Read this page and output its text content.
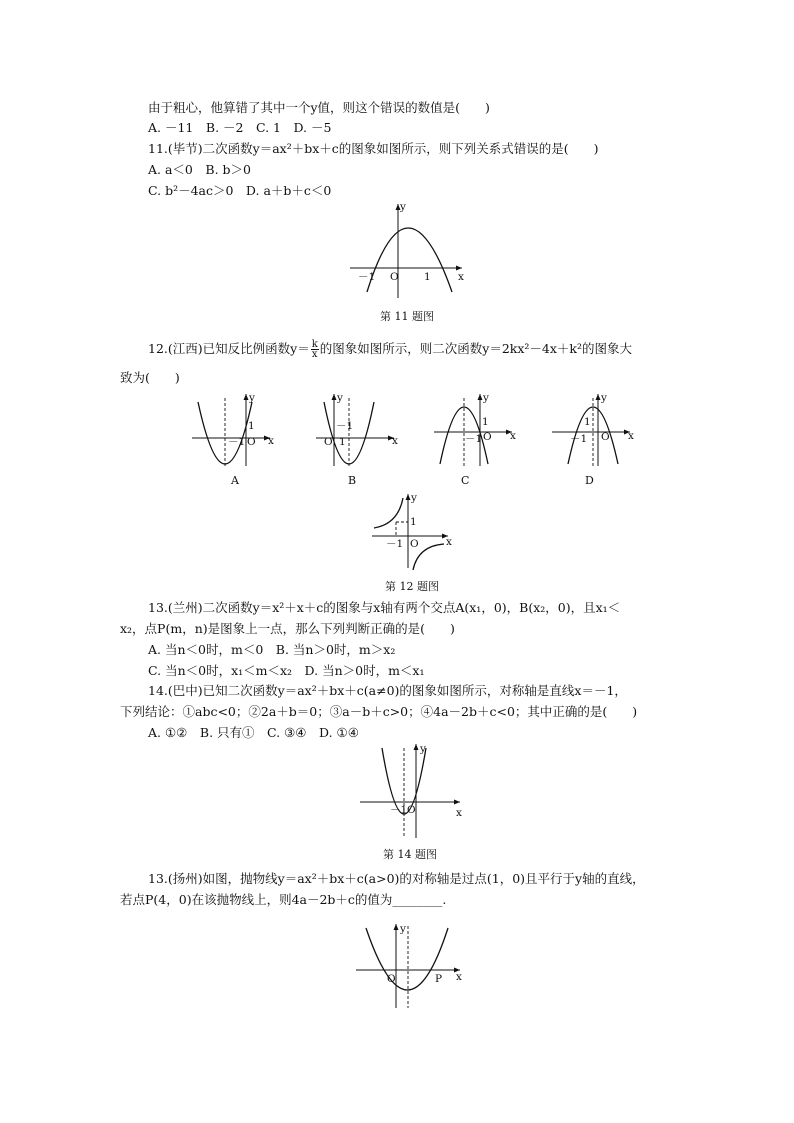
由于粗心，他算错了其中一个y值，则这个错误的数值是(　　)
A. －11　B. －2　C. 1　D. －5
11.(毕节)二次函数y＝ax²＋bx＋c的图象如图所示，则下列关系式错误的是(　　)
A. a＜0　B. b＞0
C. b²－4ac＞0　D. a＋b＋c＜0
y
x
O
－1	1
第 11 题图
12.(江西)已知反比例函数$y= \frac{k}{x}$ 的图象如图所示，则二次函数y＝2kx²－4x＋k²的图象大
致为(　　)
y
x
O
1
－1
A
y
x
O
－1
1
B
y
x
O
1
－1
C
y
x
O
1
－1
D
y
x
O
1
－1
第 12 题图
13.(兰州)二次函数y＝x²＋x＋c的图象与x轴有两个交点A(x₁，0)，B(x₂，0)，且x₁＜
x₂，点P(m，n)是图象上一点，那么下列判断正确的是(　　)
A. 当n＜0时，m＜0　B. 当n＞0时，m＞x₂
C. 当n＜0时，x₁＜m＜x₂　D. 当n＞0时，m＜x₁
14.(巴中)已知二次函数y＝ax²＋bx＋c(a≠0)的图象如图所示，对称轴是直线x＝－1，
下列结论：①abc<0；②2a＋b＝0；③a－b＋c>0；④4a－2b＋c<0；其中正确的是(　　)
A. ①②　B. 只有①　C. ③④　D. ①④
y
x
O
－1
第 14 题图
13.(扬州)如图，抛物线y＝ax²＋bx＋c(a>0)的对称轴是过点(1，0)且平行于y轴的直线，
若点P(4，0)在该抛物线上，则4a－2b＋c的值为________.
y
x
O	P
